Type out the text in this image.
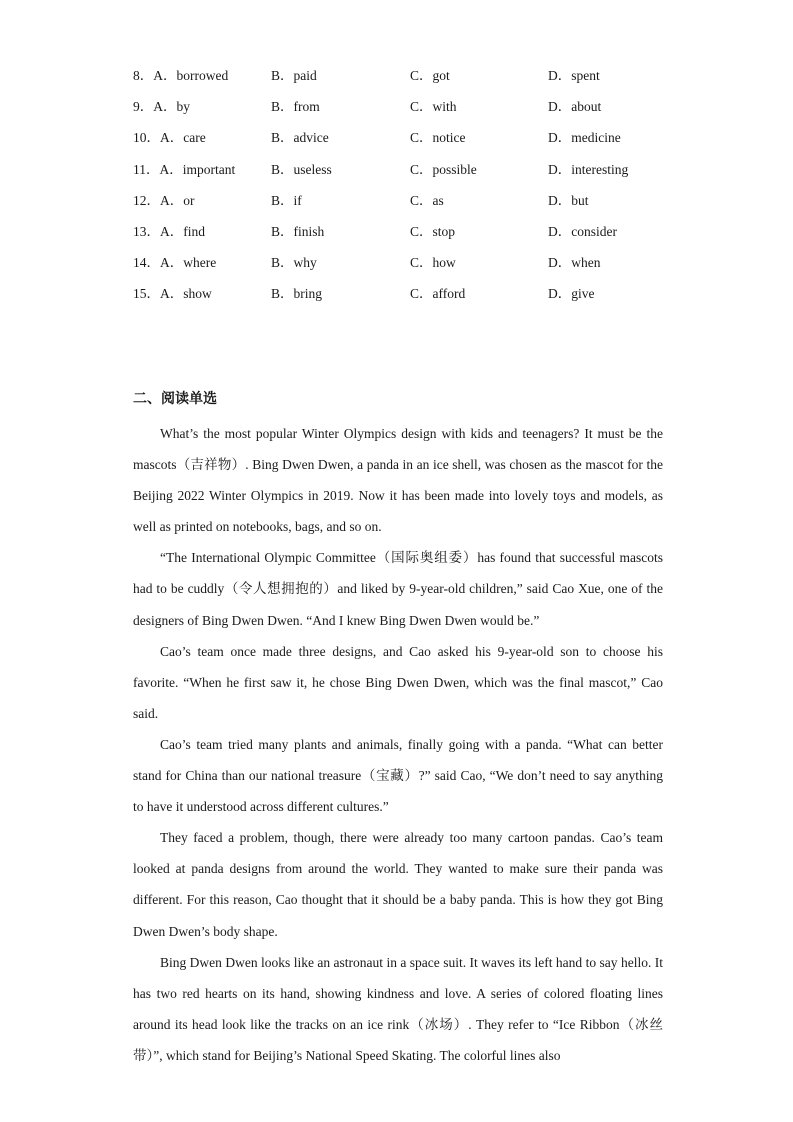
8．A．borrowed	B．paid	C．got	D．spent
9．A．by	B．from	C．with	D．about
10．A．care	B．advice	C．notice	D．medicine
11．A．important	B．useless	C．possible	D．interesting
12．A．or	B．if	C．as	D．but
13．A．find	B．finish	C．stop	D．consider
14．A．where	B．why	C．how	D．when
15．A．show	B．bring	C．afford	D．give
二、阅读单选

What’s the most popular Winter Olympics design with kids and teenagers? It must be the mascots（吉祥物）. Bing Dwen Dwen, a panda in an ice shell, was chosen as the mascot for the Beijing 2022 Winter Olympics in 2019. Now it has been made into lovely toys and models, as well as printed on notebooks, bags, and so on.

“The International Olympic Committee（国际奥组委）has found that successful mascots had to be cuddly（令人想拥抱的）and liked by 9-year-old children,” said Cao Xue, one of the designers of Bing Dwen Dwen. “And I knew Bing Dwen Dwen would be.”

Cao’s team once made three designs, and Cao asked his 9-year-old son to choose his favorite. “When he first saw it, he chose Bing Dwen Dwen, which was the final mascot,” Cao said.

Cao’s team tried many plants and animals, finally going with a panda. “What can better stand for China than our national treasure（宝藏）?” said Cao, “We don’t need to say anything to have it understood across different cultures.”

They faced a problem, though, there were already too many cartoon pandas. Cao’s team looked at panda designs from around the world. They wanted to make sure their panda was different. For this reason, Cao thought that it should be a baby panda. This is how they got Bing Dwen Dwen’s body shape.

Bing Dwen Dwen looks like an astronaut in a space suit. It waves its left hand to say hello. It has two red hearts on its hand, showing kindness and love. A series of colored floating lines around its head look like the tracks on an ice rink（冰场）. They refer to “Ice Ribbon（冰丝带）”, which stand for Beijing’s National Speed Skating. The colorful lines also
